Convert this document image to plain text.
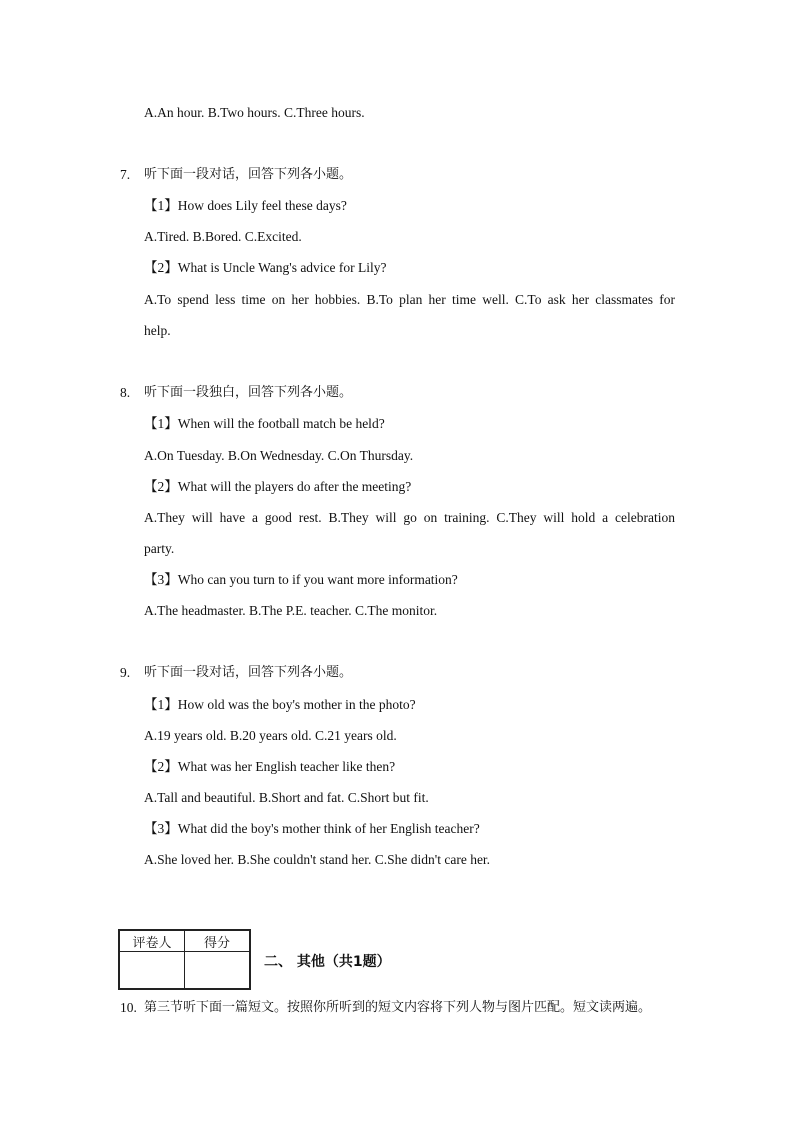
A.An hour. B.Two hours. C.Three hours.
7. 听下面一段对话，回答下列各小题。
【1】How does Lily feel these days?
A.Tired. B.Bored. C.Excited.
【2】What is Uncle Wang's advice for Lily?
A.To spend less time on her hobbies. B.To plan her time well. C.To ask her classmates for
help.
8. 听下面一段独白，回答下列各小题。
【1】When will the football match be held?
A.On Tuesday. B.On Wednesday. C.On Thursday.
【2】What will the players do after the meeting?
A.They will have a good rest. B.They will go on training. C.They will hold a celebration
party.
【3】Who can you turn to if you want more information?
A.The headmaster. B.The P.E. teacher. C.The monitor.
9. 听下面一段对话，回答下列各小题。
【1】How old was the boy's mother in the photo?
A.19 years old. B.20 years old. C.21 years old.
【2】What was her English teacher like then?
A.Tall and beautiful. B.Short and fat. C.Short but fit.
【3】What did the boy's mother think of her English teacher?
A.She loved her. B.She couldn't stand her. C.She didn't care her.
评卷人	得分

二、 其他（共1题）
10. 第三节听下面一篇短文。按照你所听到的短文内容将下列人物与图片匹配。短文读两遍。
